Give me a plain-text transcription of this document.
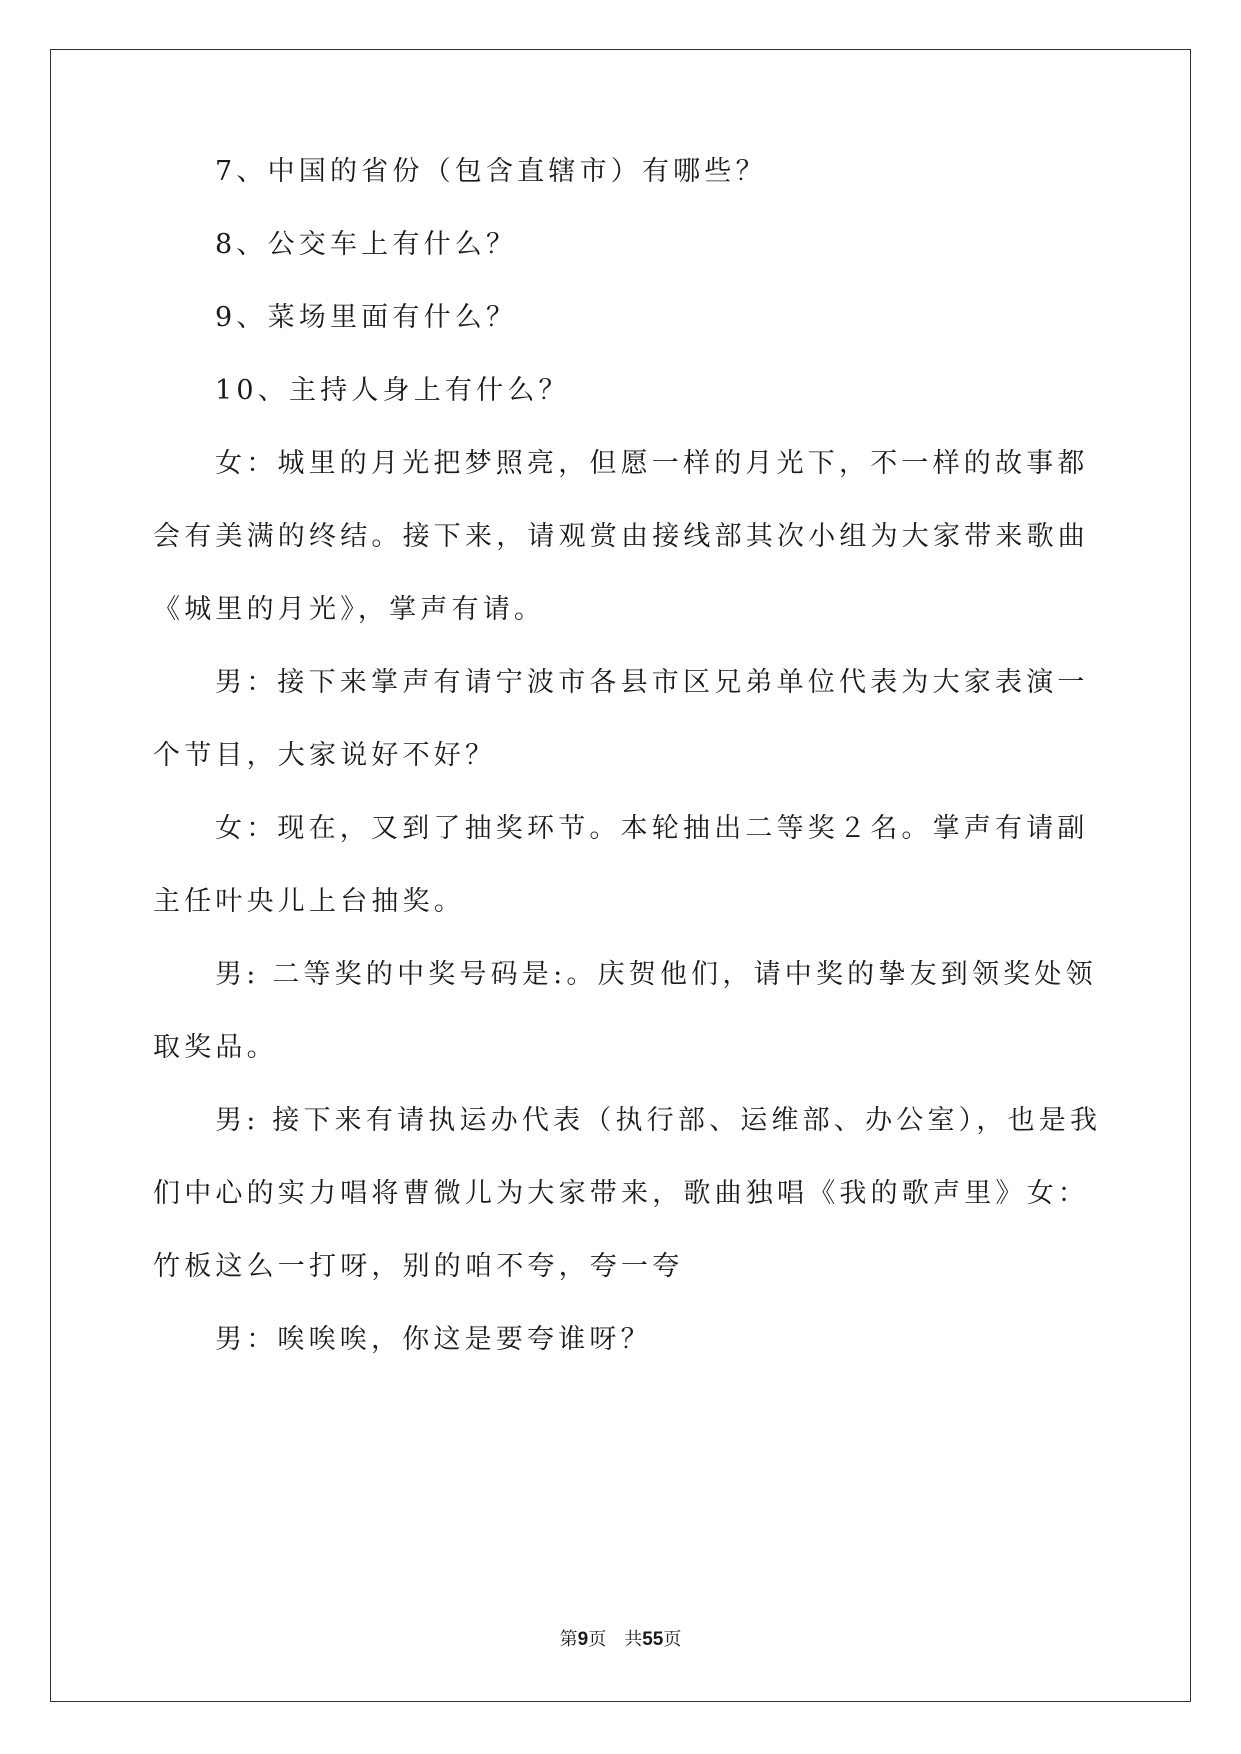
7、中国的省份（包含直辖市）有哪些？
8、公交车上有什么？
9、菜场里面有什么？
10、主持人身上有什么？
女：城里的月光把梦照亮，但愿一样的月光下，不一样的故事都
会有美满的终结。接下来，请观赏由接线部其次小组为大家带来歌曲
《城里的月光》，掌声有请。
男：接下来掌声有请宁波市各县市区兄弟单位代表为大家表演一
个节目，大家说好不好？
女：现在，又到了抽奖环节。本轮抽出二等奖２名。掌声有请副
主任叶央儿上台抽奖。
男: 二等奖的中奖号码是:。庆贺他们，请中奖的挚友到领奖处领
取奖品。
男: 接下来有请执运办代表（执行部、运维部、办公室），也是我
们中心的实力唱将曹微儿为大家带来，歌曲独唱《我的歌声里》女：
竹板这么一打呀，别的咱不夸，夸一夸
男：唉唉唉，你这是要夸谁呀？
第9页　共55页
